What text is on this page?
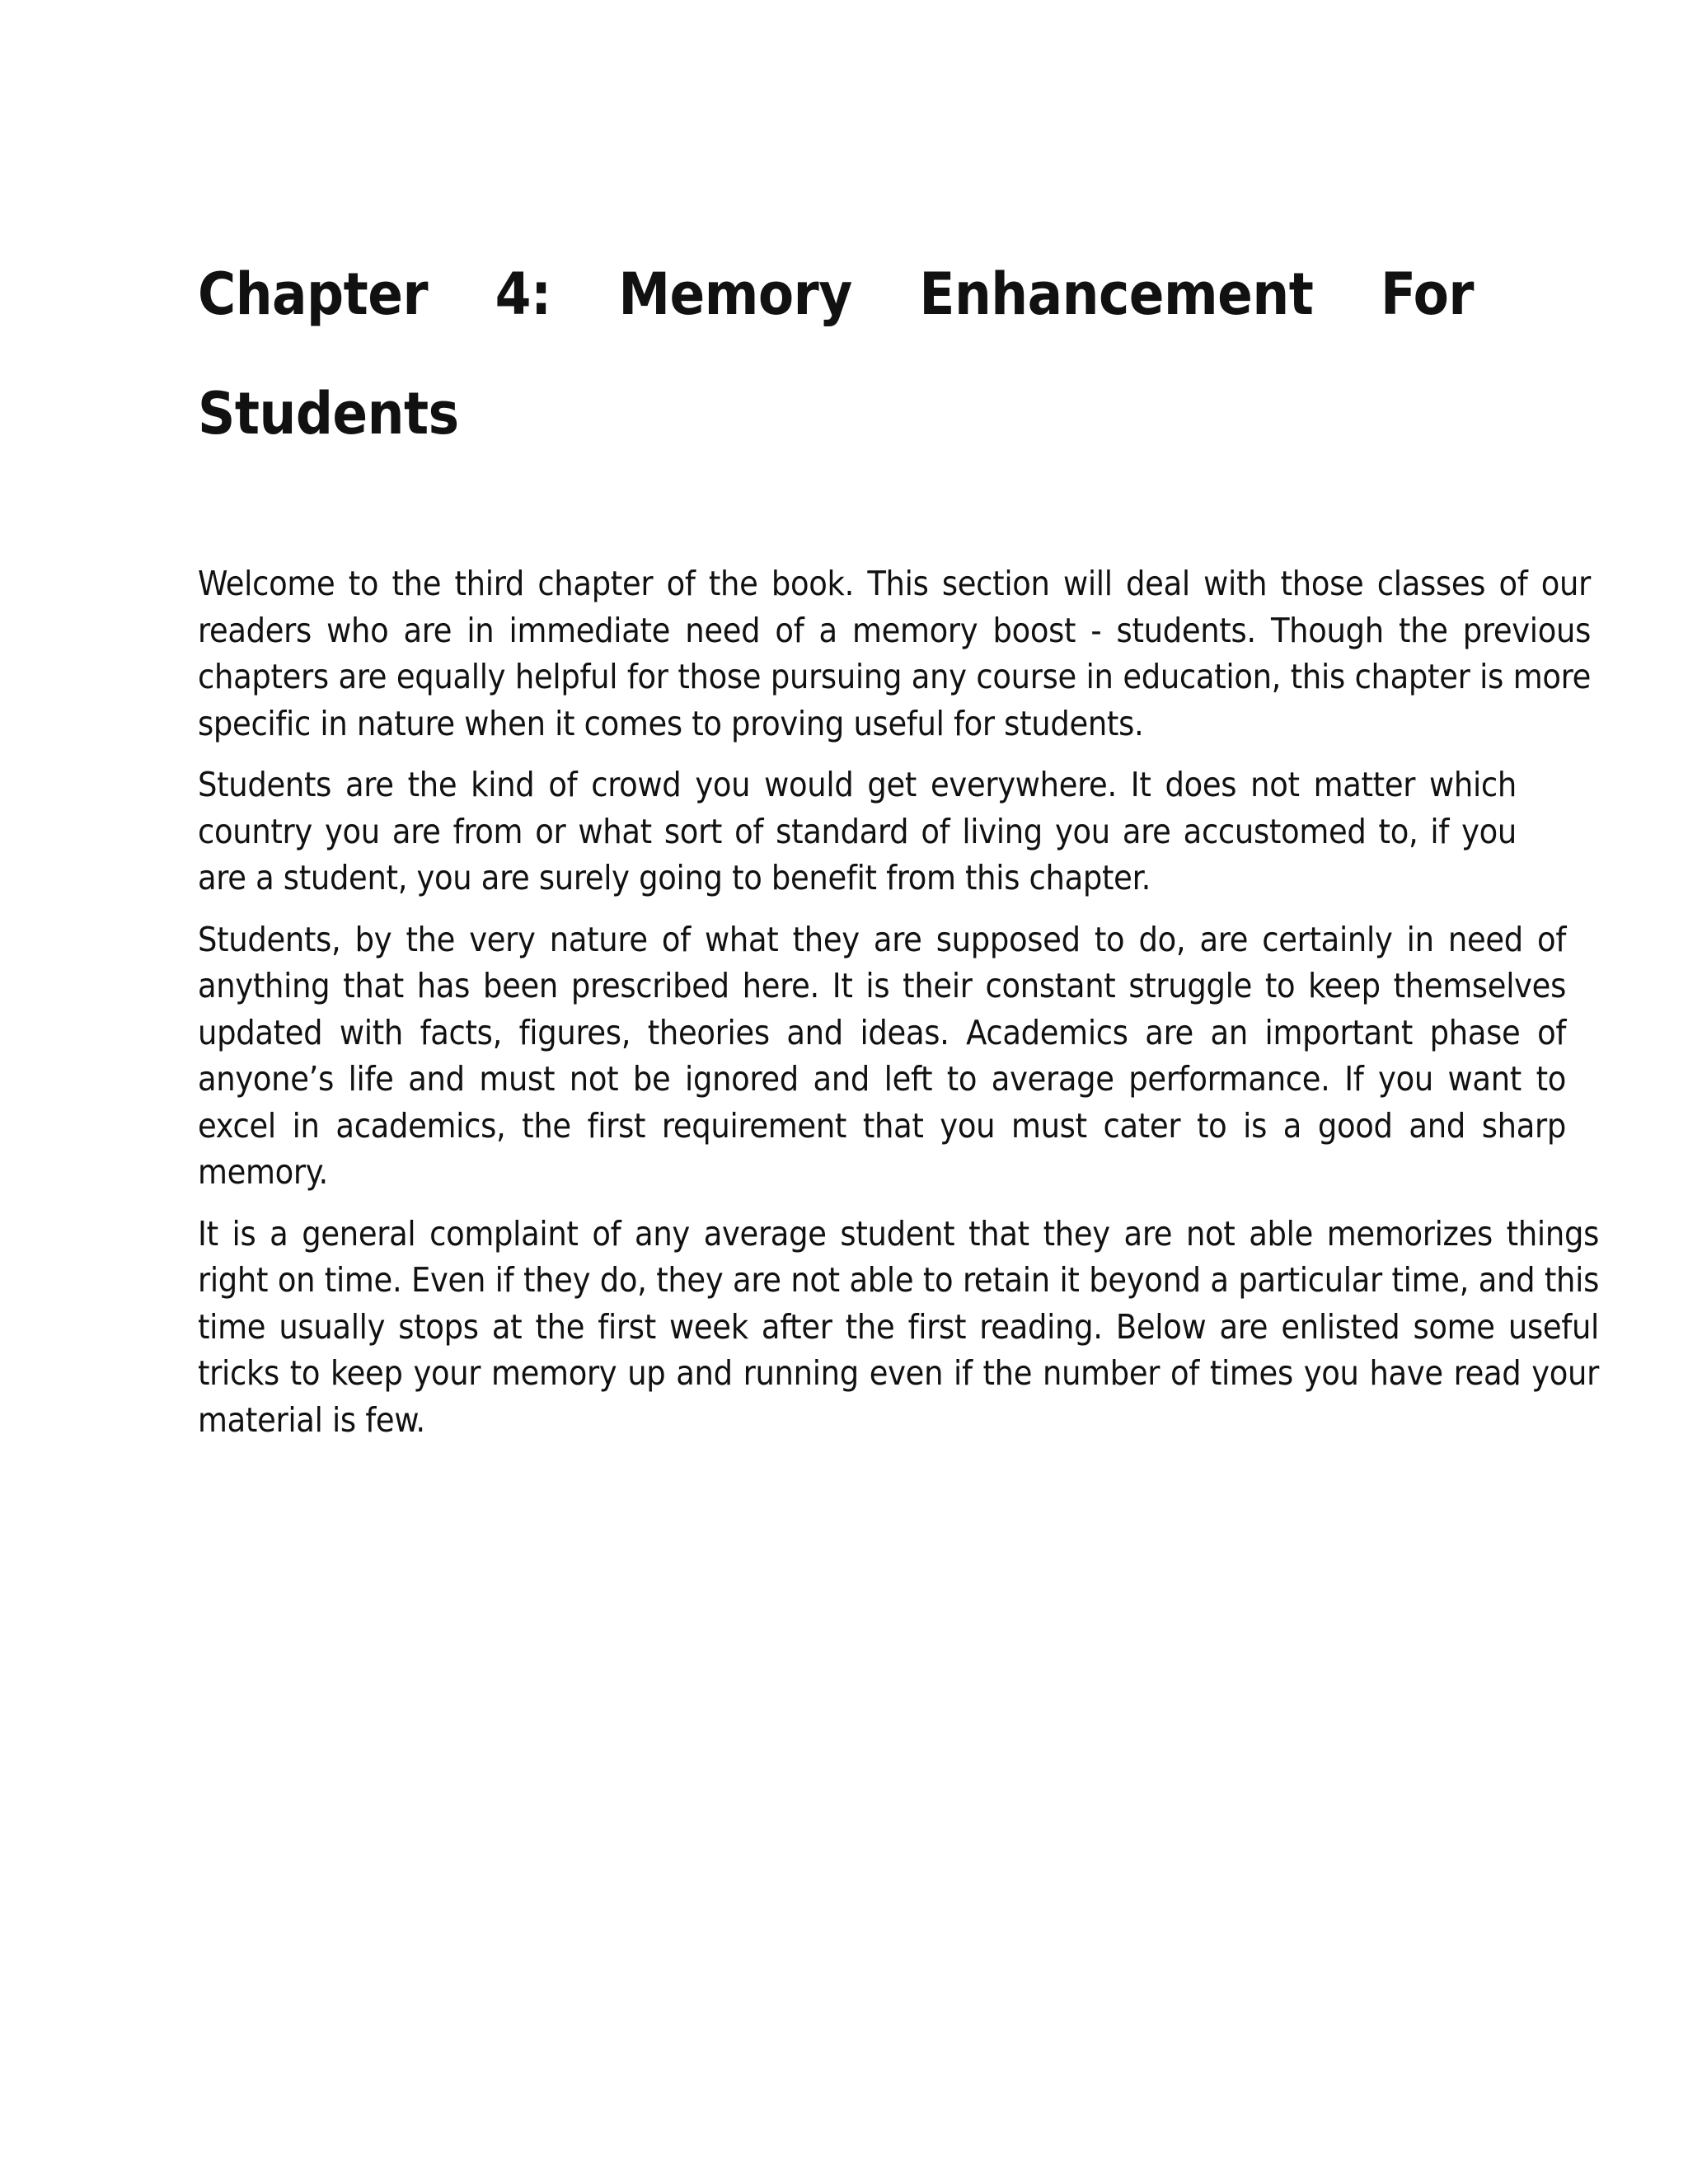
Chapter 4: Memory Enhancement For Students

Welcome to the third chapter of the book. This section will deal with those classes of our readers who are in immediate need of a memory boost - students. Though the previous chapters are equally helpful for those pursuing any course in education, this chapter is more specific in nature when it comes to proving useful for students.

Students are the kind of crowd you would get everywhere. It does not matter which country you are from or what sort of standard of living you are accustomed to, if you are a student, you are surely going to benefit from this chapter.

Students, by the very nature of what they are supposed to do, are certainly in need of anything that has been prescribed here. It is their constant struggle to keep themselves updated with facts, figures, theories and ideas. Academics are an important phase of anyone’s life and must not be ignored and left to average performance. If you want to excel in academics, the first requirement that you must cater to is a good and sharp memory.

It is a general complaint of any average student that they are not able memorizes things right on time. Even if they do, they are not able to retain it beyond a particular time, and this time usually stops at the first week after the first reading. Below are enlisted some useful tricks to keep your memory up and running even if the number of times you have read your material is few.
